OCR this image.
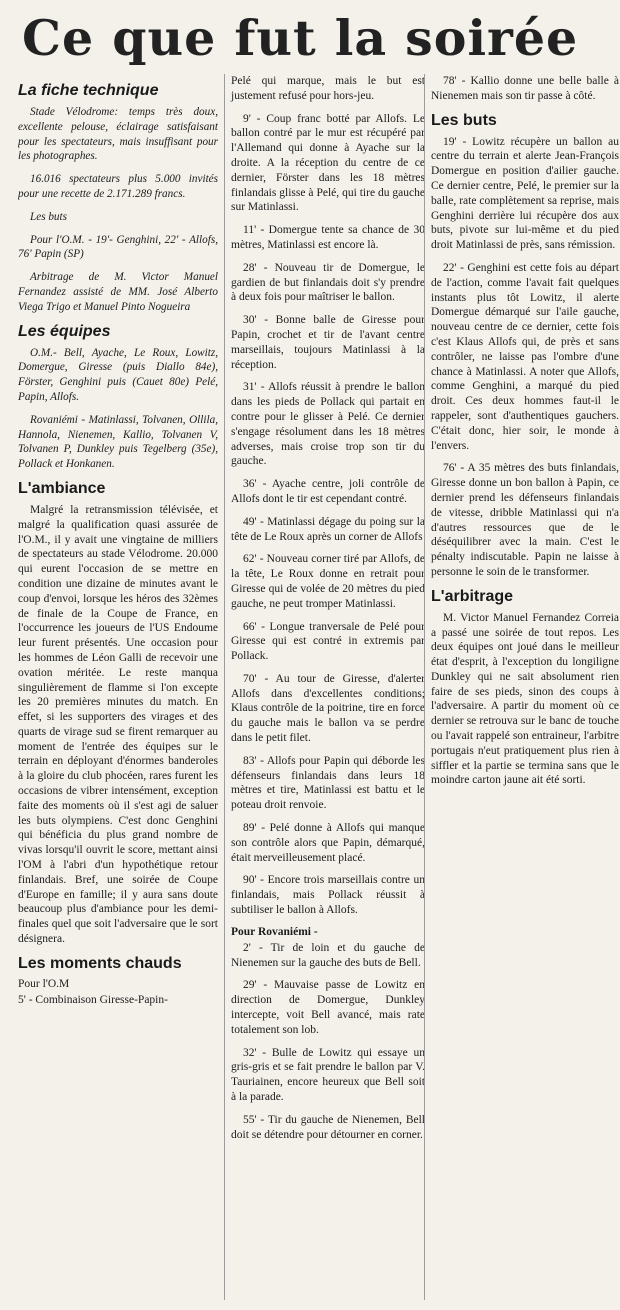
Ce que fut la soirée
La fiche technique

Stade Vélodrome: temps très doux, excellente pelouse, éclairage satisfaisant pour les spectateurs, mais insuffisant pour les photographes.

16.016 spectateurs plus 5.000 invités pour une recette de 2.171.289 francs.

Les buts

Pour l'O.M. - 19'- Genghini, 22' - Allofs, 76' Papin (SP)

Arbitrage de M. Victor Manuel Fernandez assisté de MM. José Alberto Viega Trigo et Manuel Pinto Nogueira

Les équipes

O.M.- Bell, Ayache, Le Roux, Lowitz, Domergue, Giresse (puis Diallo 84e), Förster, Genghini puis (Cauet 80e) Pelé, Papin, Allofs.

Rovaniémi - Matinlassi, Tolvanen, Ollila, Hannola, Nienemen, Kallio, Tolvanen V, Tolvanen P, Dunkley puis Tegelberg (35e), Pollack et Honkanen.

L'ambiance

Malgré la retransmission télévisée, et malgré la qualification quasi assurée de l'O.M., il y avait une vingtaine de milliers de spectateurs au stade Vélodrome. 20.000 qui eurent l'occasion de se mettre en condition une dizaine de minutes avant le coup d'envoi, lorsque les héros des 32èmes de finale de la Coupe de France, en l'occurrence les joueurs de l'US Endoume leur furent présentés. Une occasion pour les hommes de Léon Galli de recevoir une ovation méritée. Le reste manqua singulièrement de flamme si l'on excepte les 20 premières minutes du match. En effet, si les supporters des virages et des quarts de virage sud se firent remarquer au moment de l'entrée des équipes sur le terrain en déployant d'énormes banderoles à la gloire du club phocéen, rares furent les occasions de vibrer intensément, exception faite des moments où il s'est agi de saluer les buts olympiens. C'est donc Genghini qui bénéficia du plus grand nombre de vivas lorsqu'il ouvrit le score, mettant ainsi l'OM à l'abri d'un hypothétique retour finlandais. Bref, une soirée de Coupe d'Europe en famille; il y aura sans doute beaucoup plus d'ambiance pour les demi-finales quel que soit l'adversaire que le sort désignera.

Les moments chauds
Pour l'O.M

5' - Combinaison Giresse-Papin-

Pelé qui marque, mais le but est justement refusé pour hors-jeu.

9' - Coup franc botté par Allofs. Le ballon contré par le mur est récupéré par l'Allemand qui donne à Ayache sur la droite. A la réception du centre de ce dernier, Förster dans les 18 mètres finlandais glisse à Pelé, qui tire du gauche sur Matinlassi.

11' - Domergue tente sa chance de 30 mètres, Matinlassi est encore là.

28' - Nouveau tir de Domergue, le gardien de but finlandais doit s'y prendre à deux fois pour maîtriser le ballon.

30' - Bonne balle de Giresse pour Papin, crochet et tir de l'avant centre marseillais, toujours Matinlassi à la réception.

31' - Allofs réussit à prendre le ballon dans les pieds de Pollack qui partait en contre pour le glisser à Pelé. Ce dernier s'engage résolument dans les 18 mètres adverses, mais croise trop son tir du gauche.

36' - Ayache centre, joli contrôle de Allofs dont le tir est cependant contré.

49' - Matinlassi dégage du poing sur la tête de Le Roux après un corner de Allofs

62' - Nouveau corner tiré par Allofs, de la tête, Le Roux donne en retrait pour Giresse qui de volée de 20 mètres du pied gauche, ne peut tromper Matinlassi.

66' - Longue tranversale de Pelé pour Giresse qui est contré in extremis par Pollack.

70' - Au tour de Giresse, d'alerter Allofs dans d'excellentes conditions; Klaus contrôle de la poitrine, tire en force du gauche mais le ballon va se perdre dans le petit filet.

83' - Allofs pour Papin qui déborde les défenseurs finlandais dans leurs 18 mètres et tire, Matinlassi est battu et le poteau droit renvoie.

89' - Pelé donne à Allofs qui manque son contrôle alors que Papin, démarqué, était merveilleusement placé.

90' - Encore trois marseillais contre un finlandais, mais Pollack réussit à subtiliser le ballon à Allofs.

Pour Rovaniémi -

2' - Tir de loin et du gauche de Nienemen sur la gauche des buts de Bell.

29' - Mauvaise passe de Lowitz en direction de Domergue, Dunkley intercepte, voit Bell avancé, mais rate totalement son lob.

32' - Bulle de Lowitz qui essaye un gris-gris et se fait prendre le ballon par V. Tauriainen, encore heureux que Bell soit à la parade.

55' - Tir du gauche de Nienemen, Bell doit se détendre pour détourner en corner.

78' - Kallio donne une belle balle à Nienemen mais son tir passe à côté.

Les buts

19' - Lowitz récupère un ballon au centre du terrain et alerte Jean-François Domergue en position d'ailier gauche. Ce dernier centre, Pelé, le premier sur la balle, rate complètement sa reprise, mais Genghini derrière lui récupère dos aux buts, pivote sur lui-même et du pied droit Matinlassi de près, sans rémission.

22' - Genghini est cette fois au départ de l'action, comme l'avait fait quelques instants plus tôt Lowitz, il alerte Domergue démarqué sur l'aile gauche, nouveau centre de ce dernier, cette fois c'est Klaus Allofs qui, de près et sans contrôler, ne laisse pas l'ombre d'une chance à Matinlassi. A noter que Allofs, comme Genghini, a marqué du pied droit. Ces deux hommes faut-il le rappeler, sont d'authentiques gauchers. C'était donc, hier soir, le monde à l'envers.

76' - A 35 mètres des buts finlandais, Giresse donne un bon ballon à Papin, ce dernier prend les défenseurs finlandais de vitesse, dribble Matinlassi qui n'a d'autres ressources que de le déséquilibrer avec la main. C'est le pénalty indiscutable. Papin ne laisse à personne le soin de le transformer.

L'arbitrage

M. Victor Manuel Fernandez Correia a passé une soirée de tout repos. Les deux équipes ont joué dans le meilleur état d'esprit, à l'exception du longiligne Dunkley qui ne sait absolument rien faire de ses pieds, sinon des coups à l'adversaire. A partir du moment où ce dernier se retrouva sur le banc de touche ou l'avait rappelé son entraineur, l'arbitre portugais n'eut pratiquement plus rien à siffler et la partie se termina sans que le moindre carton jaune ait été sorti.
